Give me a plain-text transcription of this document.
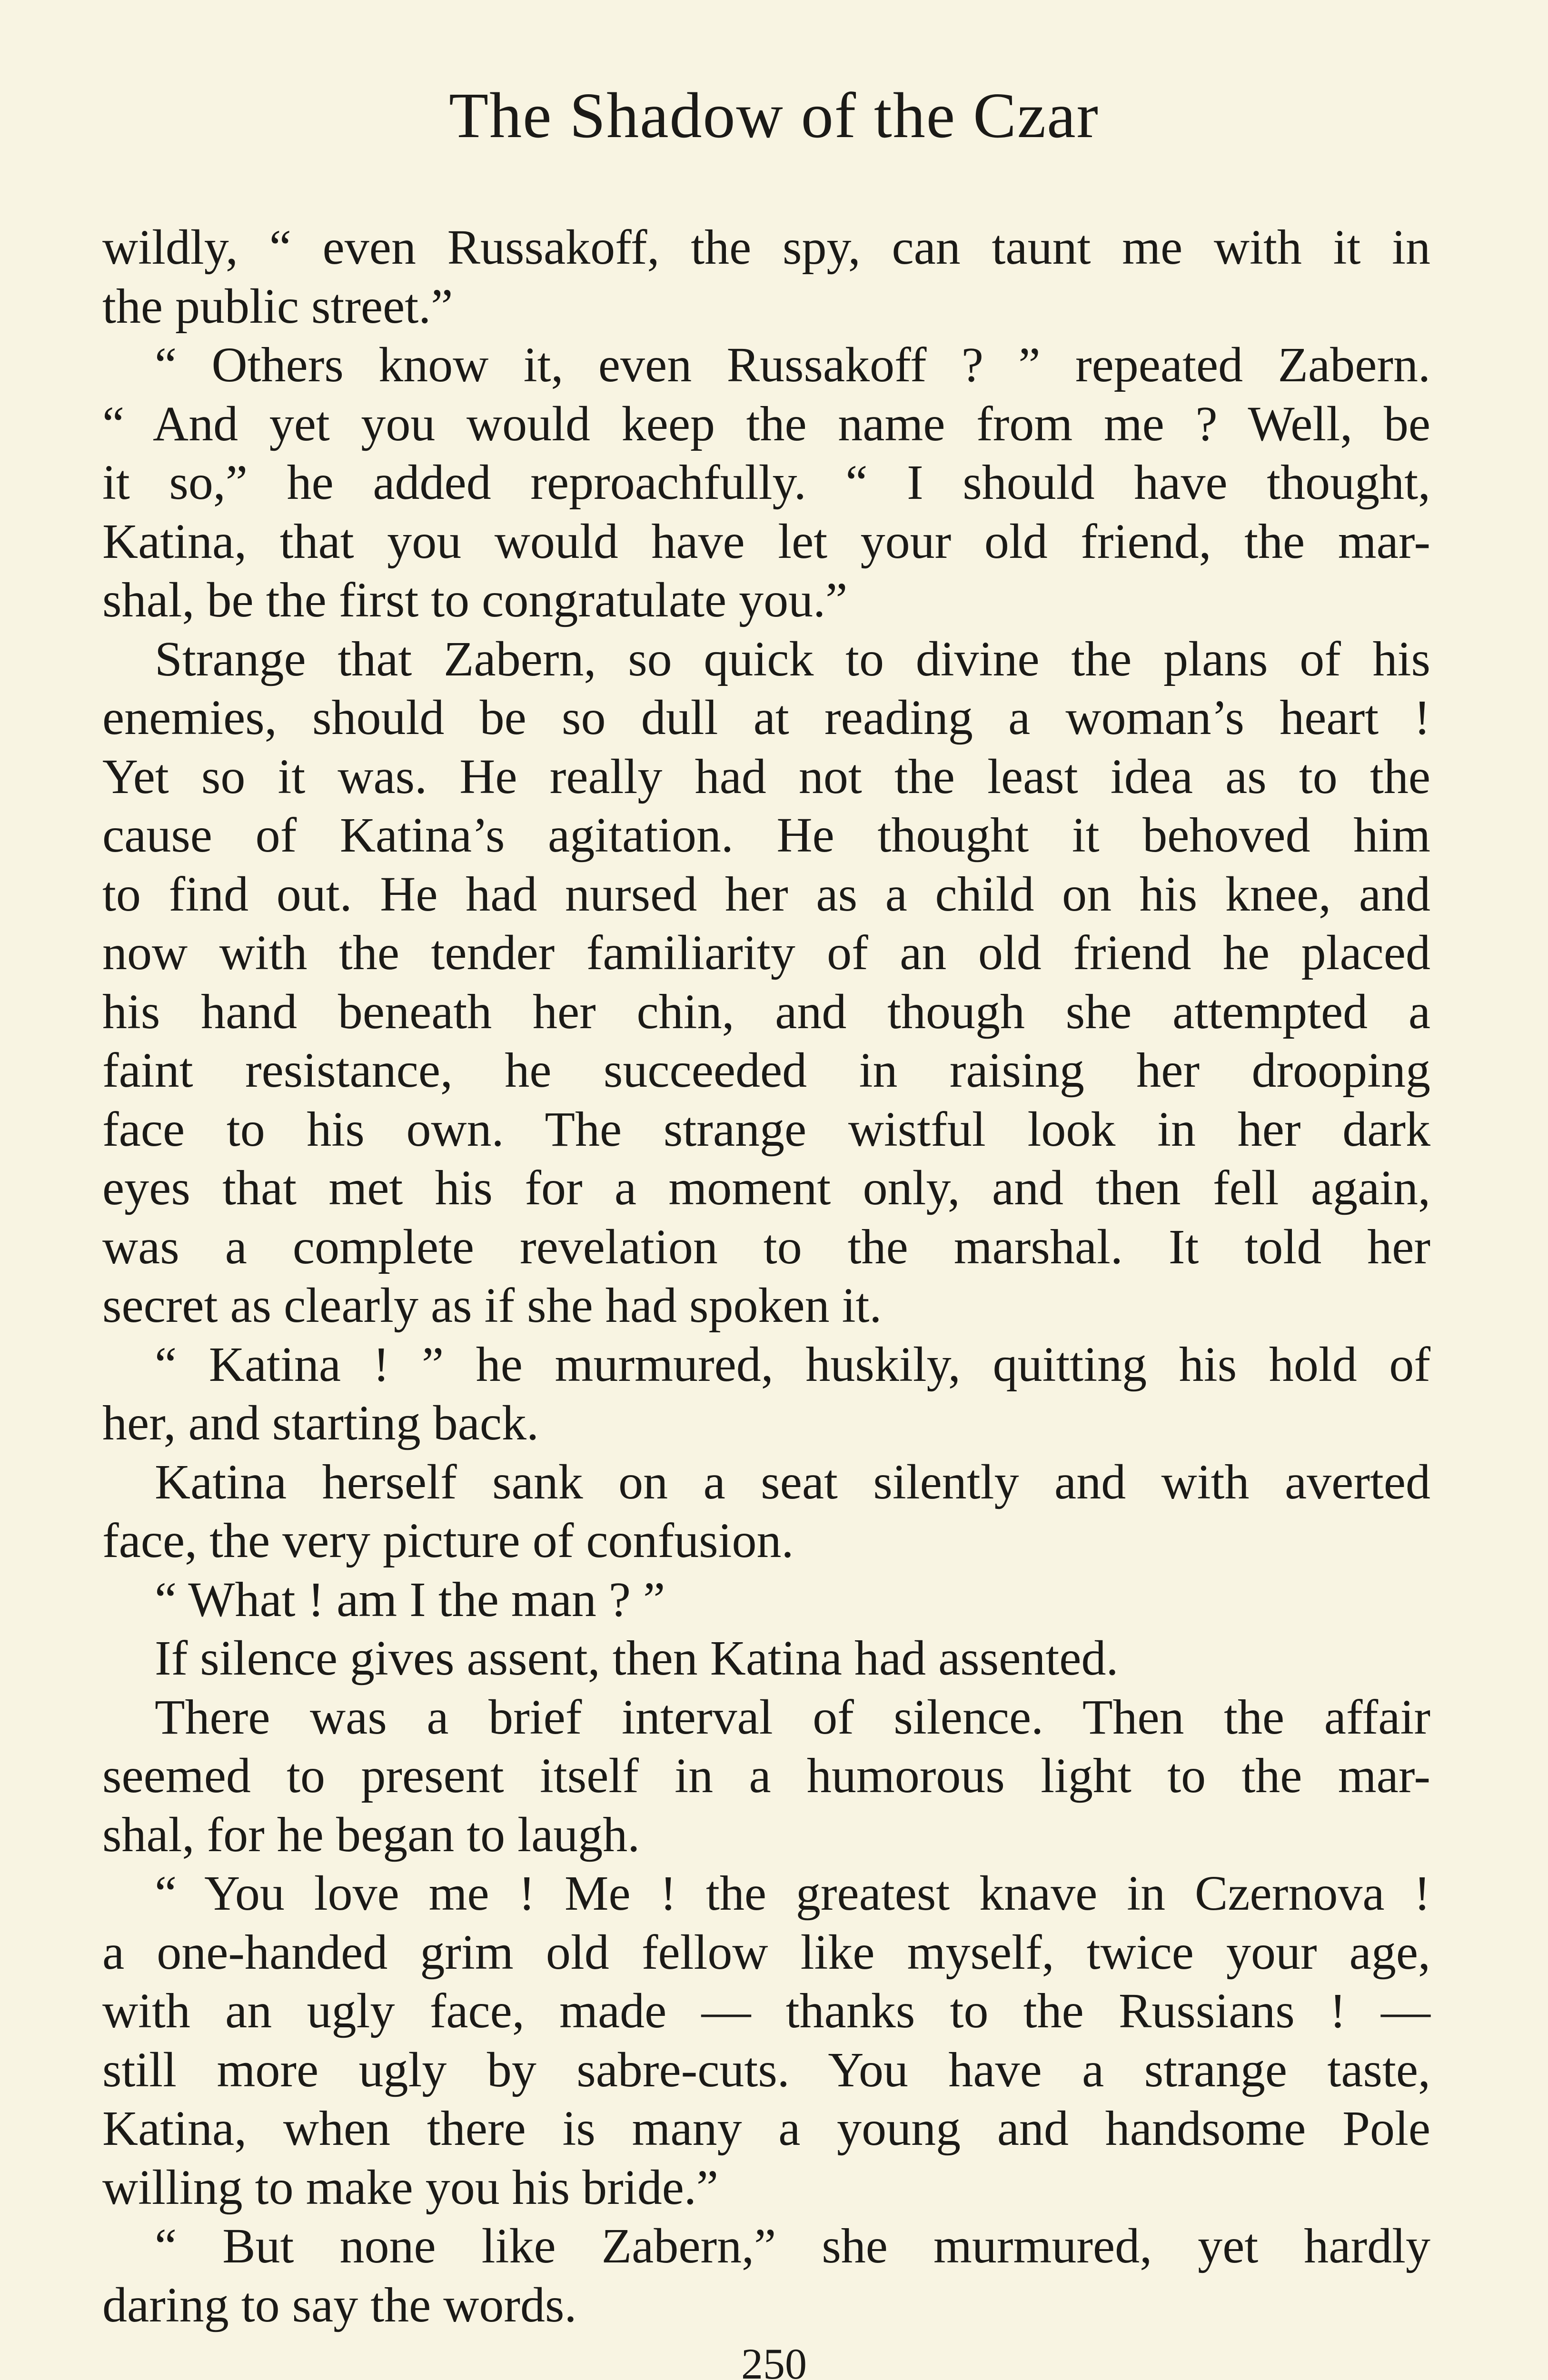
The Shadow of the Czar
wildly, “ even Russakoff, the spy, can taunt me with it in
the public street.”
“ Others know it, even Russakoff ? ” repeated Zabern.
“ And yet you would keep the name from me ? Well, be
it so,” he added reproachfully. “ I should have thought,
Katina, that you would have let your old friend, the mar-
shal, be the first to congratulate you.”
Strange that Zabern, so quick to divine the plans of his
enemies, should be so dull at reading a woman’s heart !
Yet so it was. He really had not the least idea as to the
cause of Katina’s agitation. He thought it behoved him
to find out. He had nursed her as a child on his knee, and
now with the tender familiarity of an old friend he placed
his hand beneath her chin, and though she attempted a
faint resistance, he succeeded in raising her drooping
face to his own. The strange wistful look in her dark
eyes that met his for a moment only, and then fell again,
was a complete revelation to the marshal. It told her
secret as clearly as if she had spoken it.
“ Katina ! ” he murmured, huskily, quitting his hold of
her, and starting back.
Katina herself sank on a seat silently and with averted
face, the very picture of confusion.
“ What ! am I the man ? ”
If silence gives assent, then Katina had assented.
There was a brief interval of silence. Then the affair
seemed to present itself in a humorous light to the mar-
shal, for he began to laugh.
“ You love me ! Me ! the greatest knave in Czernova !
a one-handed grim old fellow like myself, twice your age,
with an ugly face, made — thanks to the Russians ! —
still more ugly by sabre-cuts. You have a strange taste,
Katina, when there is many a young and handsome Pole
willing to make you his bride.”
“ But none like Zabern,” she murmured, yet hardly
daring to say the words.
250
